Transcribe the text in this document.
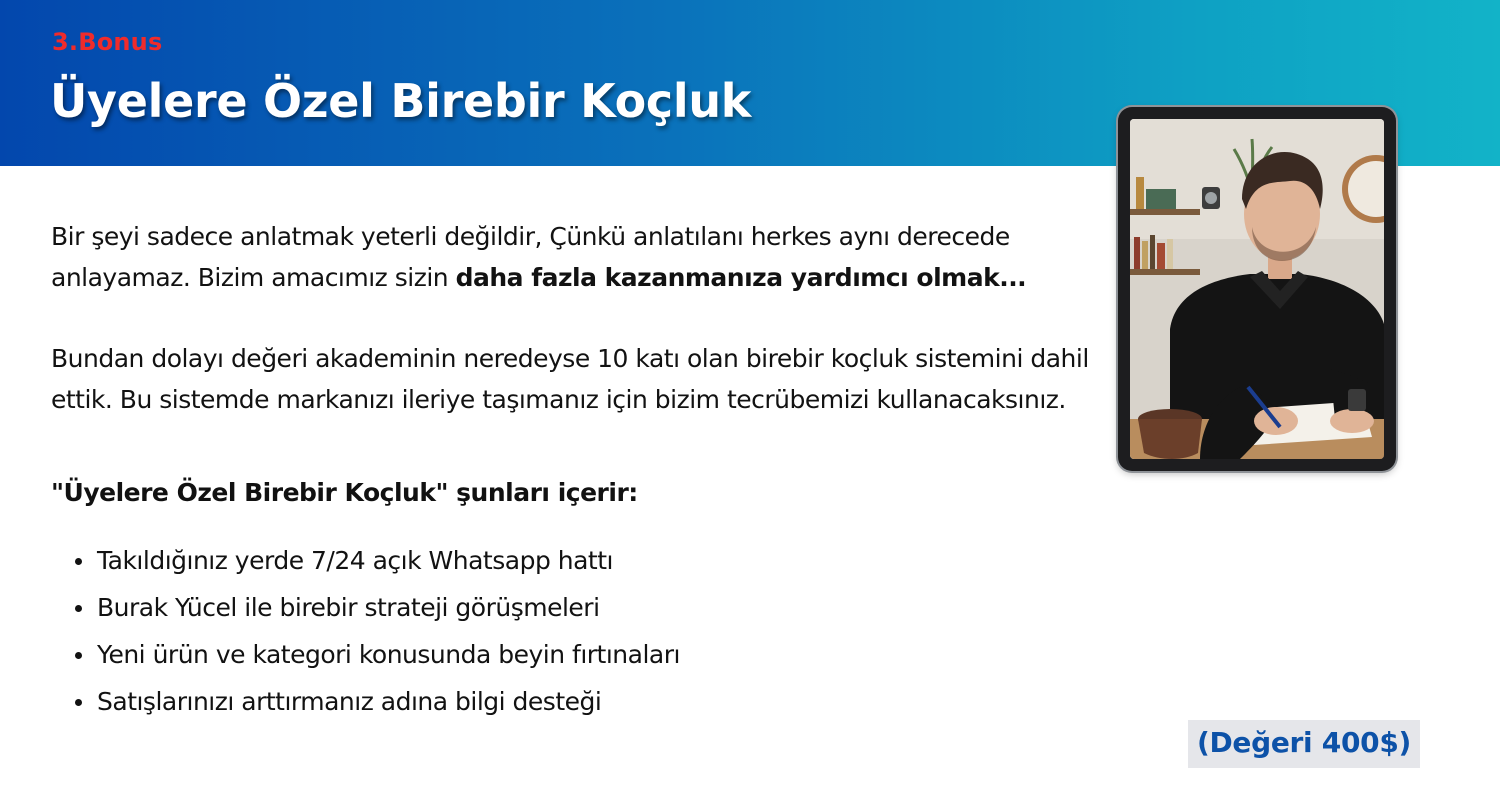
3.Bonus
Üyelere Özel Birebir Koçluk
Bir şeyi sadece anlatmak yeterli değildir, Çünkü anlatılanı herkes aynı derecede anlayamaz. Bizim amacımız sizin daha fazla kazanmanıza yardımcı olmak...
Bundan dolayı değeri akademinin neredeyse 10 katı olan birebir koçluk sistemini dahil ettik. Bu sistemde markanızı ileriye taşımanız için bizim tecrübemizi kullanacaksınız.
"Üyelere Özel Birebir Koçluk" şunları içerir:
Takıldığınız yerde 7/24 açık Whatsapp hattı
Burak Yücel ile birebir strateji görüşmeleri
Yeni ürün ve kategori konusunda beyin fırtınaları
Satışlarınızı arttırmanız adına bilgi desteği
(Değeri 400$)
